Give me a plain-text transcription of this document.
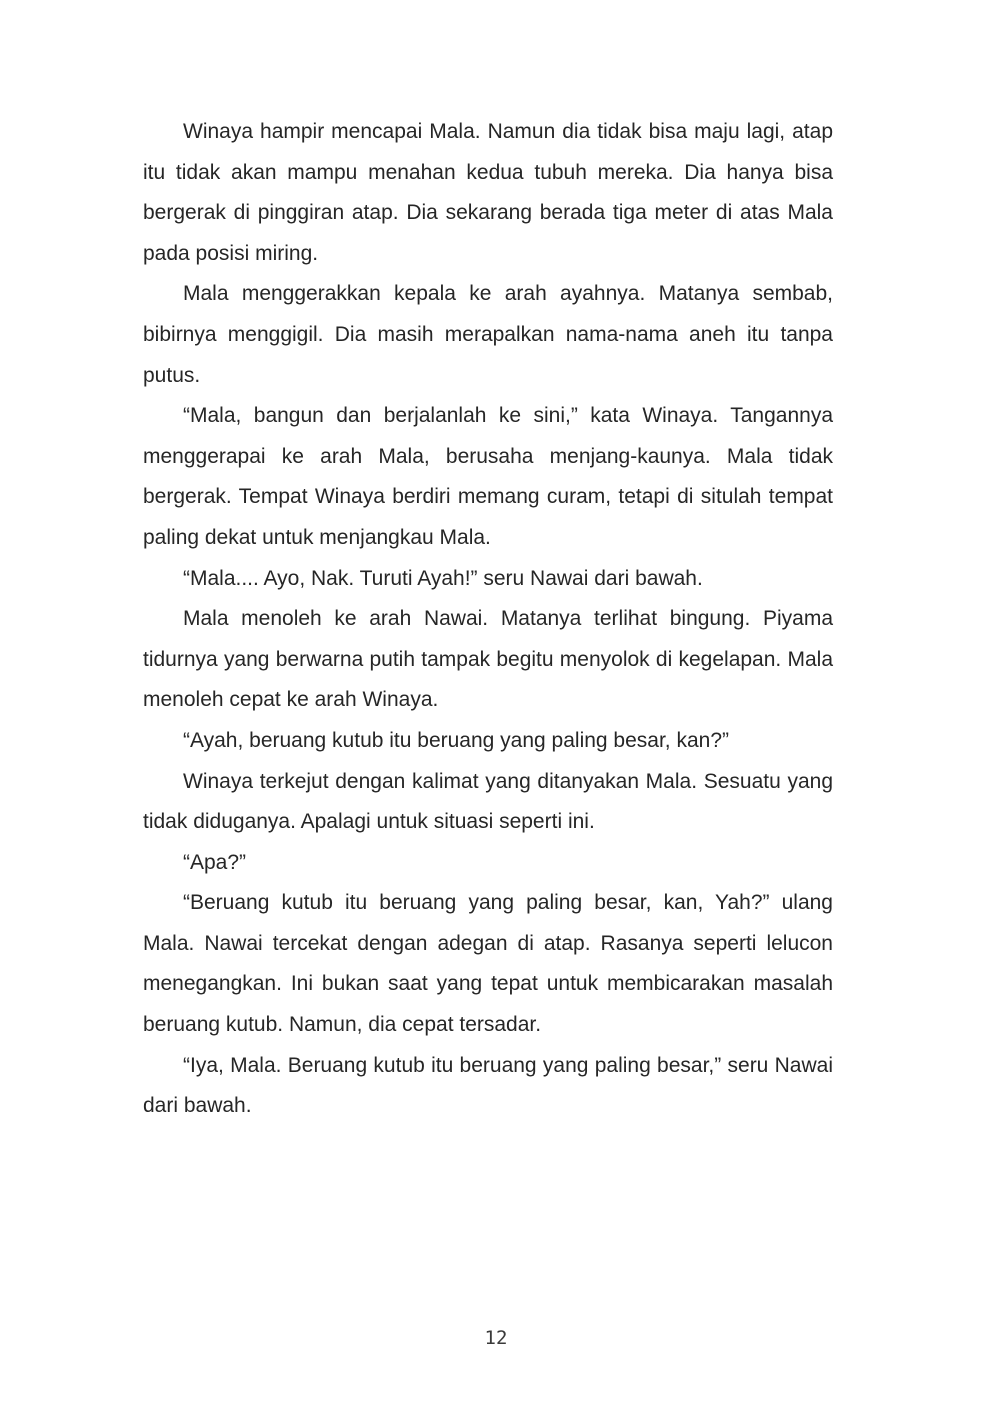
Winaya hampir mencapai Mala. Namun dia tidak bisa maju lagi, atap itu tidak akan mampu menahan kedua tubuh mereka. Dia hanya bisa bergerak di pinggiran atap. Dia sekarang berada tiga meter di atas Mala pada posisi miring.

Mala menggerakkan kepala ke arah ayahnya. Matanya sembab, bibirnya menggigil. Dia masih merapalkan nama-nama aneh itu tanpa putus.

“Mala, bangun dan berjalanlah ke sini,” kata Winaya. Tangannya menggerapai ke arah Mala, berusaha menjang-kaunya. Mala tidak bergerak. Tempat Winaya berdiri memang curam, tetapi di situlah tempat paling dekat untuk menjangkau Mala.

“Mala.... Ayo, Nak. Turuti Ayah!” seru Nawai dari bawah.

Mala menoleh ke arah Nawai. Matanya terlihat bingung. Piyama tidurnya yang berwarna putih tampak begitu menyolok di kegelapan. Mala menoleh cepat ke arah Winaya.

“Ayah, beruang kutub itu beruang yang paling besar, kan?”

Winaya terkejut dengan kalimat yang ditanyakan Mala. Sesuatu yang tidak diduganya. Apalagi untuk situasi seperti ini.

“Apa?”

“Beruang kutub itu beruang yang paling besar, kan, Yah?” ulang Mala. Nawai tercekat dengan adegan di atap. Rasanya seperti lelucon menegangkan. Ini bukan saat yang tepat untuk membicarakan masalah beruang kutub. Namun, dia cepat tersadar.

“Iya, Mala. Beruang kutub itu beruang yang paling besar,” seru Nawai dari bawah.

12
